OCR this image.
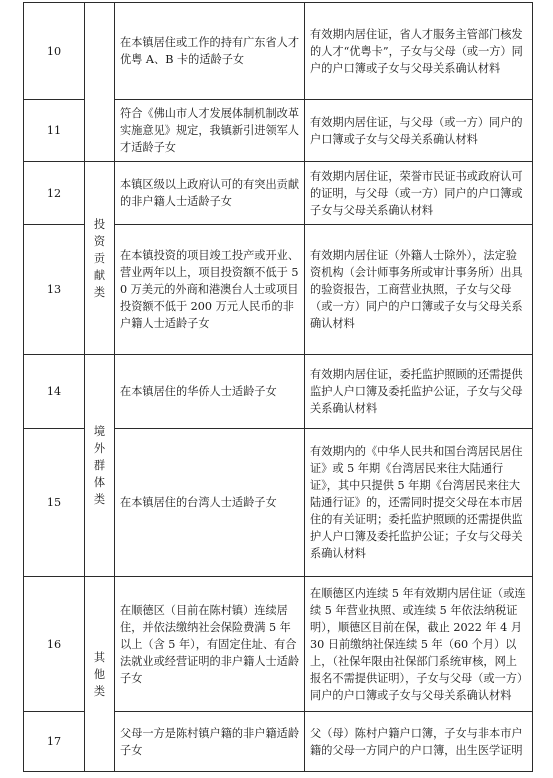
10		在本镇居住或工作的持有广东省人才优粤 A、B 卡的适龄子女	有效期内居住证，省人才服务主管部门核发的人才“优粤卡”，子女与父母（或一方）同户的户口簿或子女与父母关系确认材料
11		符合《佛山市人才发展体制机制改革实施意见》规定，我镇新引进领军人才适龄子女	有效期内居住证，与父母（或一方）同户的户口簿或子女与父母关系确认材料
12	投资贡献类	本镇区级以上政府认可的有突出贡献的非户籍人士适龄子女	有效期内居住证，荣誉市民证书或政府认可的证明，与父母（或一方）同户的户口簿或子女与父母关系确认材料
13		在本镇投资的项目竣工投产或开业、营业两年以上，项目投资额不低于 50 万美元的外商和港澳台人士或项目投资额不低于 200 万元人民币的非户籍人士适龄子女	有效期内居住证（外籍人士除外），法定验资机构（会计师事务所或审计事务所）出具的验资报告，工商营业执照，子女与父母（或一方）同户的户口簿或子女与父母关系确认材料
14	境外群体类	在本镇居住的华侨人士适龄子女	有效期内居住证，委托监护照顾的还需提供监护人户口簿及委托监护公证，子女与父母关系确认材料
15		在本镇居住的台湾人士适龄子女	有效期内的《中华人民共和国台湾居民居住证》或 5 年期《台湾居民来往大陆通行证》，其中只提供 5 年期《台湾居民来往大陆通行证》的，还需同时提交父母在本市居住的有关证明；委托监护照顾的还需提供监护人户口簿及委托监护公证；子女与父母关系确认材料
16	其他类	在顺德区（目前在陈村镇）连续居住，并依法缴纳社会保险费满 5 年以上（含 5 年），有固定住址、有合法就业或经营证明的非户籍人士适龄子女	在顺德区内连续 5 年有效期内居住证（或连续 5 年营业执照、或连续 5 年依法纳税证明），顺德区目前在保，截止 2022 年 4 月 30 日前缴纳社保连续 5 年（60 个月）以上，（社保年限由社保部门系统审核，网上报名不需提供证明），子女与父母（或一方）同户的户口簿或子女与父母关系确认材料
17		父母一方是陈村镇户籍的非户籍适龄子女	父（母）陈村户籍户口簿，子女与非本市户籍的父母一方同户的户口簿，出生医学证明
